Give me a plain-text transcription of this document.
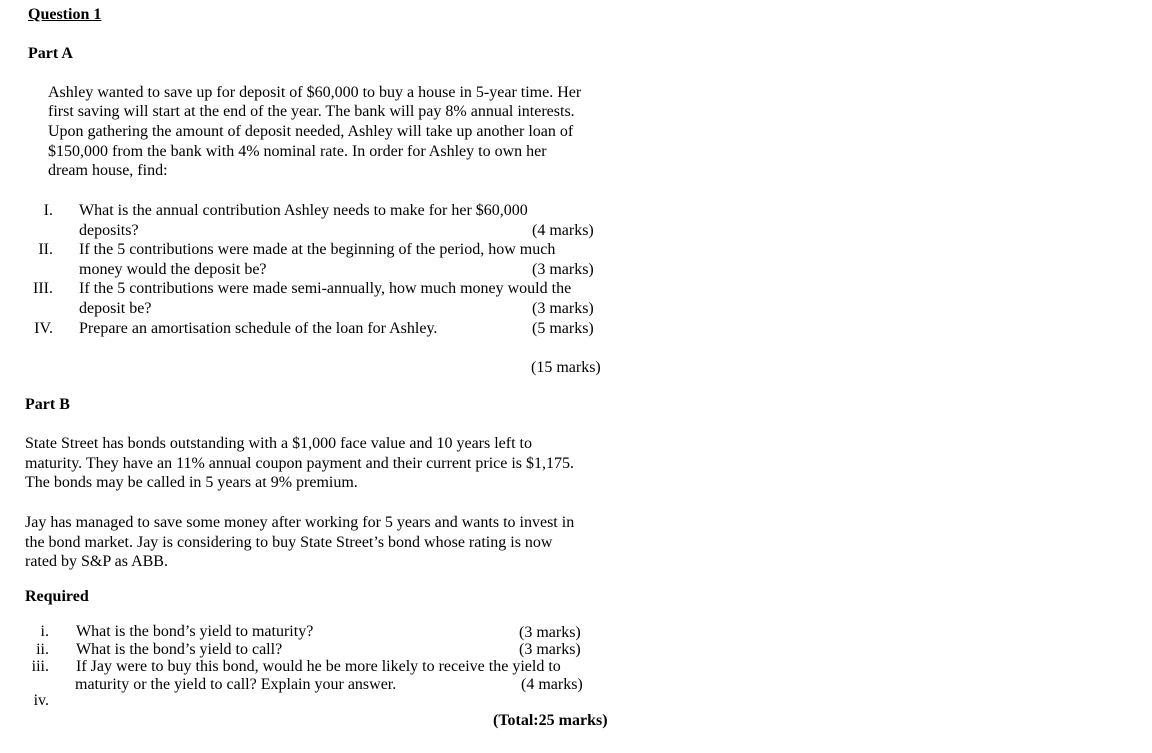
Question 1
Part A
Ashley wanted to save up for deposit of $60,000 to buy a house in 5-year time. Her
first saving will start at the end of the year. The bank will pay 8% annual interests.
Upon gathering the amount of deposit needed, Ashley will take up another loan of
$150,000 from the bank with 4% nominal rate. In order for Ashley to own her
dream house, find:
I. What is the annual contribution Ashley needs to make for her $60,000
deposits?	(4 marks)
II. If the 5 contributions were made at the beginning of the period, how much
money would the deposit be?	(3 marks)
III. If the 5 contributions were made semi-annually, how much money would the
deposit be?	(3 marks)
IV. Prepare an amortisation schedule of the loan for Ashley.	(5 marks)
(15 marks)
Part B
State Street has bonds outstanding with a $1,000 face value and 10 years left to
maturity. They have an 11% annual coupon payment and their current price is $1,175.
The bonds may be called in 5 years at 9% premium.
Jay has managed to save some money after working for 5 years and wants to invest in
the bond market. Jay is considering to buy State Street’s bond whose rating is now
rated by S&P as ABB.
Required
i. What is the bond’s yield to maturity?	(3 marks)
ii. What is the bond’s yield to call?	(3 marks)
iii. If Jay were to buy this bond, would he be more likely to receive the yield to
maturity or the yield to call? Explain your answer.	(4 marks)
iv.
(Total:25 marks)
